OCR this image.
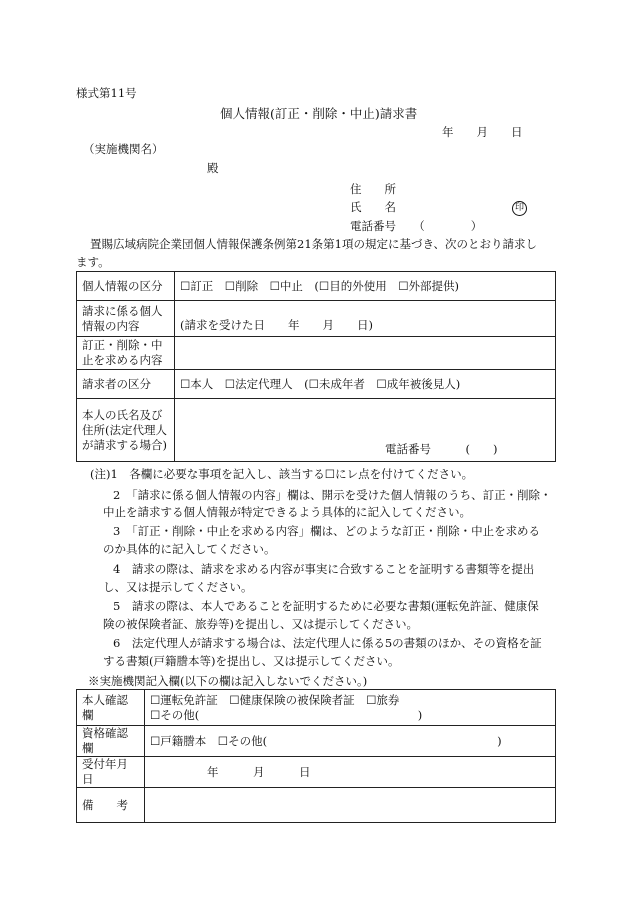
様式第11号
個人情報(訂正・削除・中止)請求書
年　　月　　日
（実施機関名）
殿
住　　所
氏　　名	印
電話番号　　（　　　　）
置賜広域病院企業団個人情報保護条例第21条第1項の規定に基づき、次のとおり請求し
ます。
個人情報の区分	☐訂正　☐削除　☐中止　(☐目的外使用　☐外部提供)
請求に係る個人情報の内容	(請求を受けた日　　年　　月　　日)
訂正・削除・中止を求める内容	
請求者の区分	☐本人　☐法定代理人　(☐未成年者　☐成年被後見人)
本人の氏名及び住所(法定代理人が請求する場合)	電話番号　　　(　　)
(注)1　各欄に必要な事項を記入し、該当する☐にレ点を付けてください。
2　「請求に係る個人情報の内容」欄は、開示を受けた個人情報のうち、訂正・削除・
中止を請求する個人情報が特定できるよう具体的に記入してください。
3　「訂正・削除・中止を求める内容」欄は、どのような訂正・削除・中止を求める
のか具体的に記入してください。
4　請求の際は、請求を求める内容が事実に合致することを証明する書類等を提出
し、又は提示してください。
5　請求の際は、本人であることを証明するために必要な書類(運転免許証、健康保
険の被保険者証、旅券等)を提出し、又は提示してください。
6　法定代理人が請求する場合は、法定代理人に係る5の書類のほか、その資格を証
する書類(戸籍謄本等)を提出し、又は提示してください。
※実施機関記入欄(以下の欄は記入しないでください。)
本人確認欄	☐運転免許証　☐健康保険の被保険者証　☐旅券
☐その他(　　　　　　　　　　　　　　　　　　　)

資格確認欄	☐戸籍謄本　☐その他(　　　　　　　　　　　　　　　　　　　　)
受付年月日	年　　　月　　　日
備　　考	
